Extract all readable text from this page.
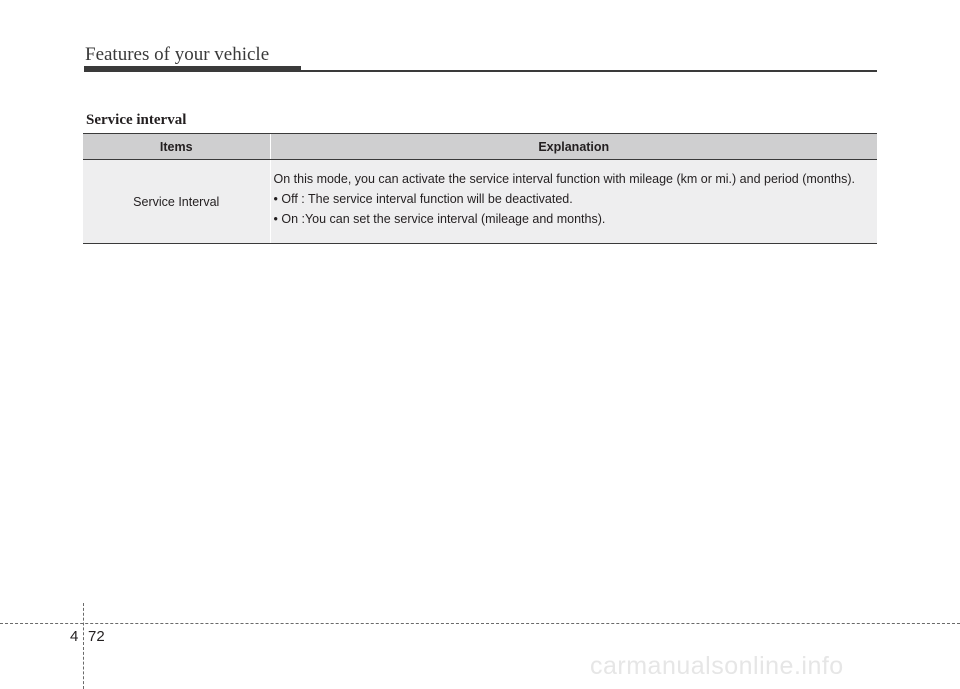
Features of your vehicle
Service interval
Items	Explanation
Service Interval	On this mode, you can activate the service interval function with mileage (km or mi.) and period (months).

• Off : The service interval function will be deactivated.

• On :You can set the service interval (mileage and months).

4 72
carmanualsonline.info
